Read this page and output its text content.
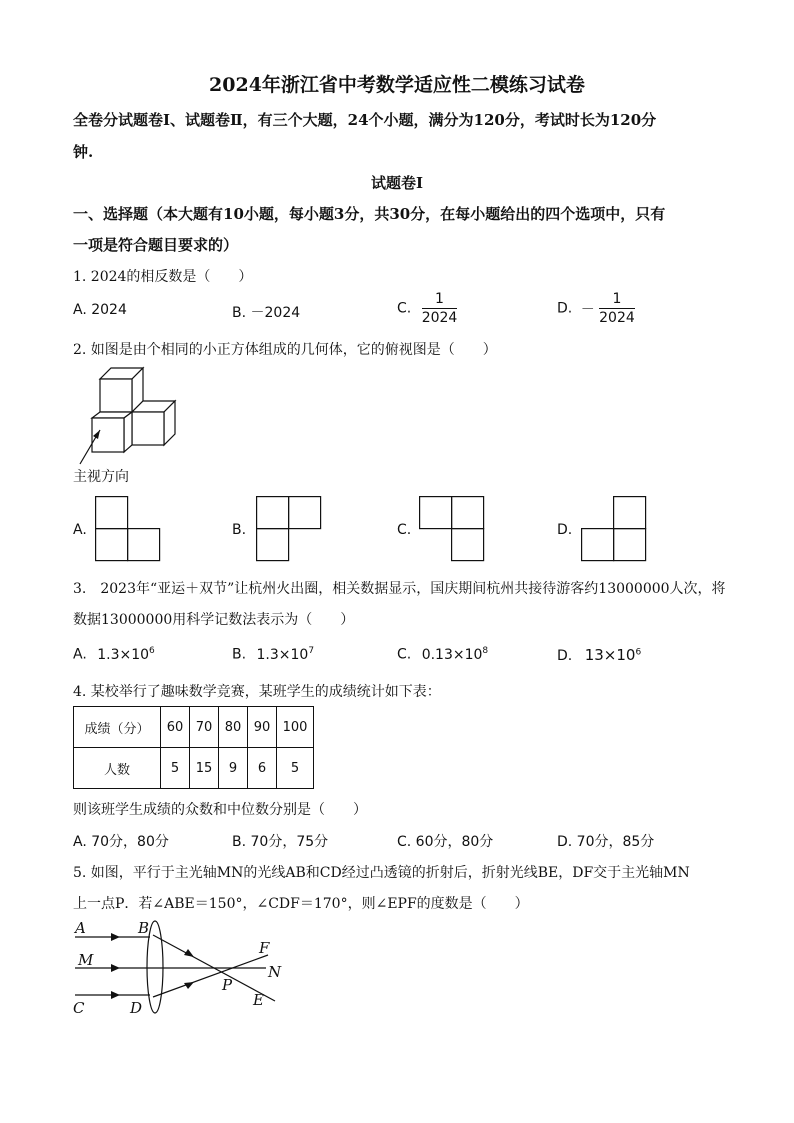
2024年浙江省中考数学适应性二模练习试卷
全卷分试题卷Ⅰ、试题卷Ⅱ，有三个大题，24个小题，满分为120分，考试时长为120分
钟.
试题卷Ⅰ
一、选择题（本大题有10小题，每小题3分，共30分，在每小题给出的四个选项中，只有
一项是符合题目要求的）
1. 2024的相反数是（　　）
A. 2024	B. －2024	C. $\frac{1}{2024}$	D. － $\frac{1}{2024}$
2. 如图是由个相同的小正方体组成的几何体，它的俯视图是（　　）
主视方向
A.	B.	C.	D.
3.　2023年“亚运＋双节”让杭州火出圈，相关数据显示，国庆期间杭州共接待游客约13000000人次，将
数据13000000用科学记数法表示为（　　）
A. $1.3\times 10^6$	B. $1.3\times 10^7$	C. $0.13\times 10^8$	D. $13\times 10^6$
4. 某校举行了趣味数学竞赛，某班学生的成绩统计如下表：
成绩（分）	60	70	80	90	100
人数	5	15	9	6	5
则该班学生成绩的众数和中位数分别是（　　）
A. 70分，80分	B. 70分，75分	C. 60分，80分	D. 70分，85分
5. 如图，平行于主光轴MN的光线AB和CD经过凸透镜的折射后，折射光线BE，DF交于主光轴MN
上一点P．若∠ABE＝150°，∠CDF＝170°，则∠EPF的度数是（　　）
A	B
M
C	D
P
F
N
E
